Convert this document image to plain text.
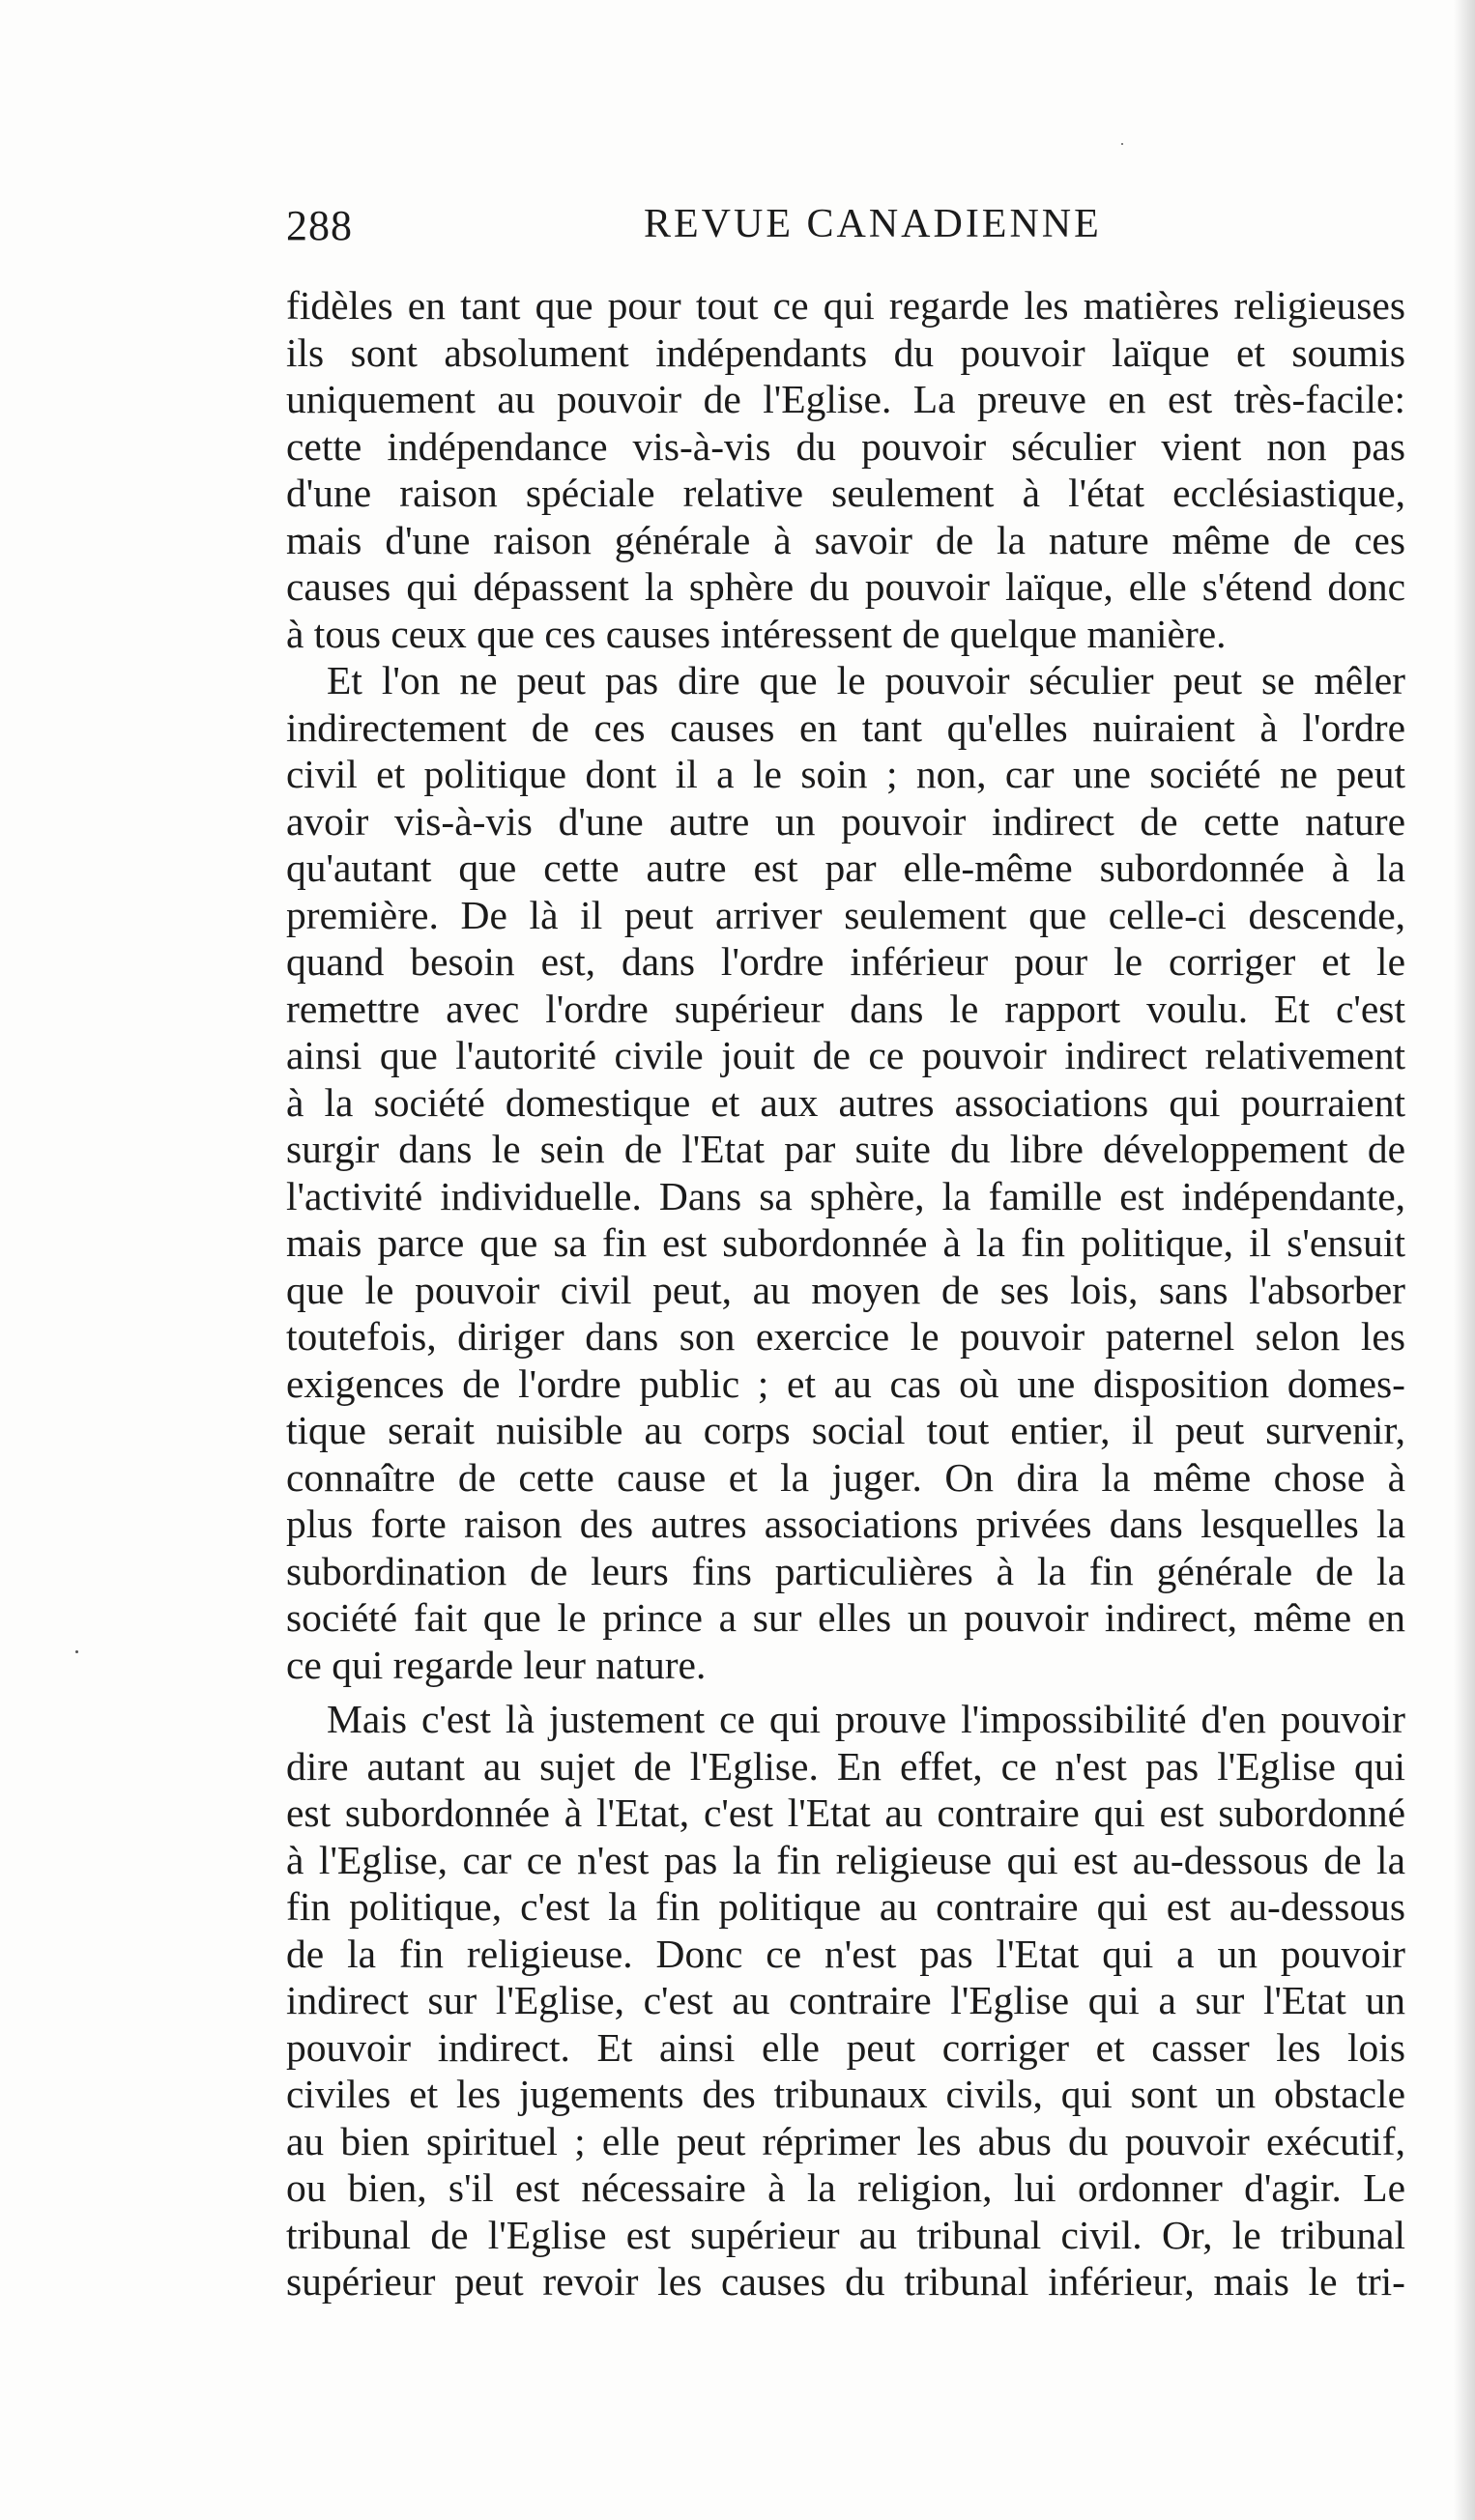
288	REVUE CANADIENNE
fidèles en tant que pour tout ce qui regarde les matières religieuses
ils sont absolument indépendants du pouvoir laïque et soumis
uniquement au pouvoir de l'Eglise. La preuve en est très-facile:
cette indépendance vis-à-vis du pouvoir séculier vient non pas
d'une raison spéciale relative seulement à l'état ecclésiastique,
mais d'une raison générale à savoir de la nature même de ces
causes qui dépassent la sphère du pouvoir laïque, elle s'étend donc
à tous ceux que ces causes intéressent de quelque manière.
Et l'on ne peut pas dire que le pouvoir séculier peut se mêler
indirectement de ces causes en tant qu'elles nuiraient à l'ordre
civil et politique dont il a le soin ; non, car une société ne peut
avoir vis-à-vis d'une autre un pouvoir indirect de cette nature
qu'autant que cette autre est par elle-même subordonnée à la
première. De là il peut arriver seulement que celle-ci descende,
quand besoin est, dans l'ordre inférieur pour le corriger et le
remettre avec l'ordre supérieur dans le rapport voulu. Et c'est
ainsi que l'autorité civile jouit de ce pouvoir indirect relativement
à la société domestique et aux autres associations qui pourraient
surgir dans le sein de l'Etat par suite du libre développement de
l'activité individuelle. Dans sa sphère, la famille est indépendante,
mais parce que sa fin est subordonnée à la fin politique, il s'ensuit
que le pouvoir civil peut, au moyen de ses lois, sans l'absorber
toutefois, diriger dans son exercice le pouvoir paternel selon les
exigences de l'ordre public ; et au cas où une disposition domes-
tique serait nuisible au corps social tout entier, il peut survenir,
connaître de cette cause et la juger. On dira la même chose à
plus forte raison des autres associations privées dans lesquelles la
subordination de leurs fins particulières à la fin générale de la
société fait que le prince a sur elles un pouvoir indirect, même en
ce qui regarde leur nature.
Mais c'est là justement ce qui prouve l'impossibilité d'en pouvoir
dire autant au sujet de l'Eglise. En effet, ce n'est pas l'Eglise qui
est subordonnée à l'Etat, c'est l'Etat au contraire qui est subordonné
à l'Eglise, car ce n'est pas la fin religieuse qui est au-dessous de la
fin politique, c'est la fin politique au contraire qui est au-dessous
de la fin religieuse. Donc ce n'est pas l'Etat qui a un pouvoir
indirect sur l'Eglise, c'est au contraire l'Eglise qui a sur l'Etat un
pouvoir indirect. Et ainsi elle peut corriger et casser les lois
civiles et les jugements des tribunaux civils, qui sont un obstacle
au bien spirituel ; elle peut réprimer les abus du pouvoir exécutif,
ou bien, s'il est nécessaire à la religion, lui ordonner d'agir. Le
tribunal de l'Eglise est supérieur au tribunal civil. Or, le tribunal
supérieur peut revoir les causes du tribunal inférieur, mais le tri-
